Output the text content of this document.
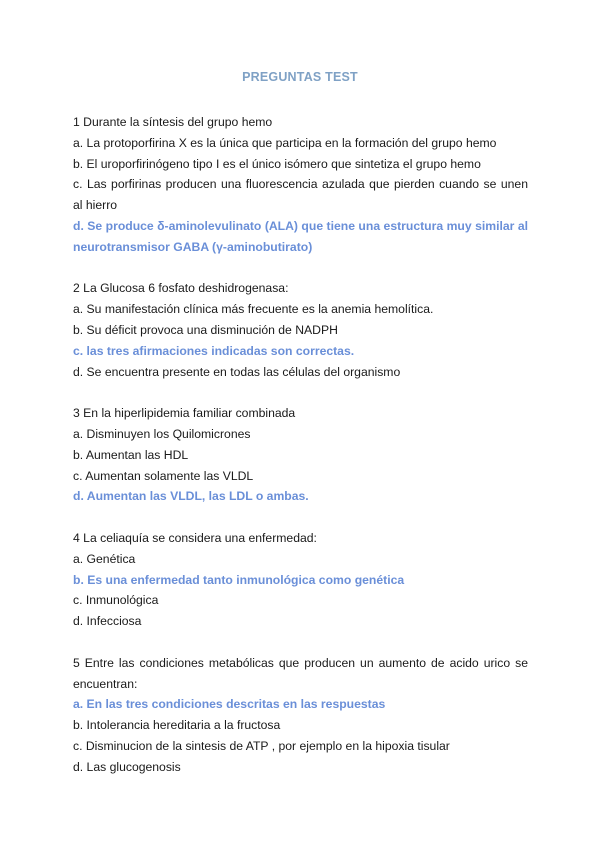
PREGUNTAS TEST
1 Durante la síntesis del grupo hemo
a. La protoporfirina X es la única que participa en la formación del grupo hemo
b. El uroporfirinógeno tipo I es el único isómero que sintetiza el grupo hemo
c. Las porfirinas producen una fluorescencia azulada que pierden cuando se unen al hierro
d. Se produce δ-aminolevulinato (ALA) que tiene una estructura muy similar al neurotransmisor GABA (γ-aminobutirato)
2 La Glucosa 6 fosfato deshidrogenasa:
a. Su manifestación clínica más frecuente es la anemia hemolítica.
b. Su déficit provoca una disminución de NADPH
c. las tres afirmaciones indicadas son correctas.
d. Se encuentra presente en todas las células del organismo
3 En la hiperlipidemia familiar combinada
a. Disminuyen los Quilomicrones
b. Aumentan las HDL
c. Aumentan solamente las VLDL
d. Aumentan las VLDL, las LDL o ambas.
4 La celiaquía se considera una enfermedad:
a. Genética
b. Es una enfermedad tanto inmunológica como genética
c. Inmunológica
d. Infecciosa
5 Entre las condiciones metabólicas que producen un aumento de acido urico se encuentran:
a. En las tres condiciones descritas en las respuestas
b. Intolerancia hereditaria a la fructosa
c. Disminucion de la sintesis de ATP , por ejemplo en la hipoxia tisular
d. Las glucogenosis
